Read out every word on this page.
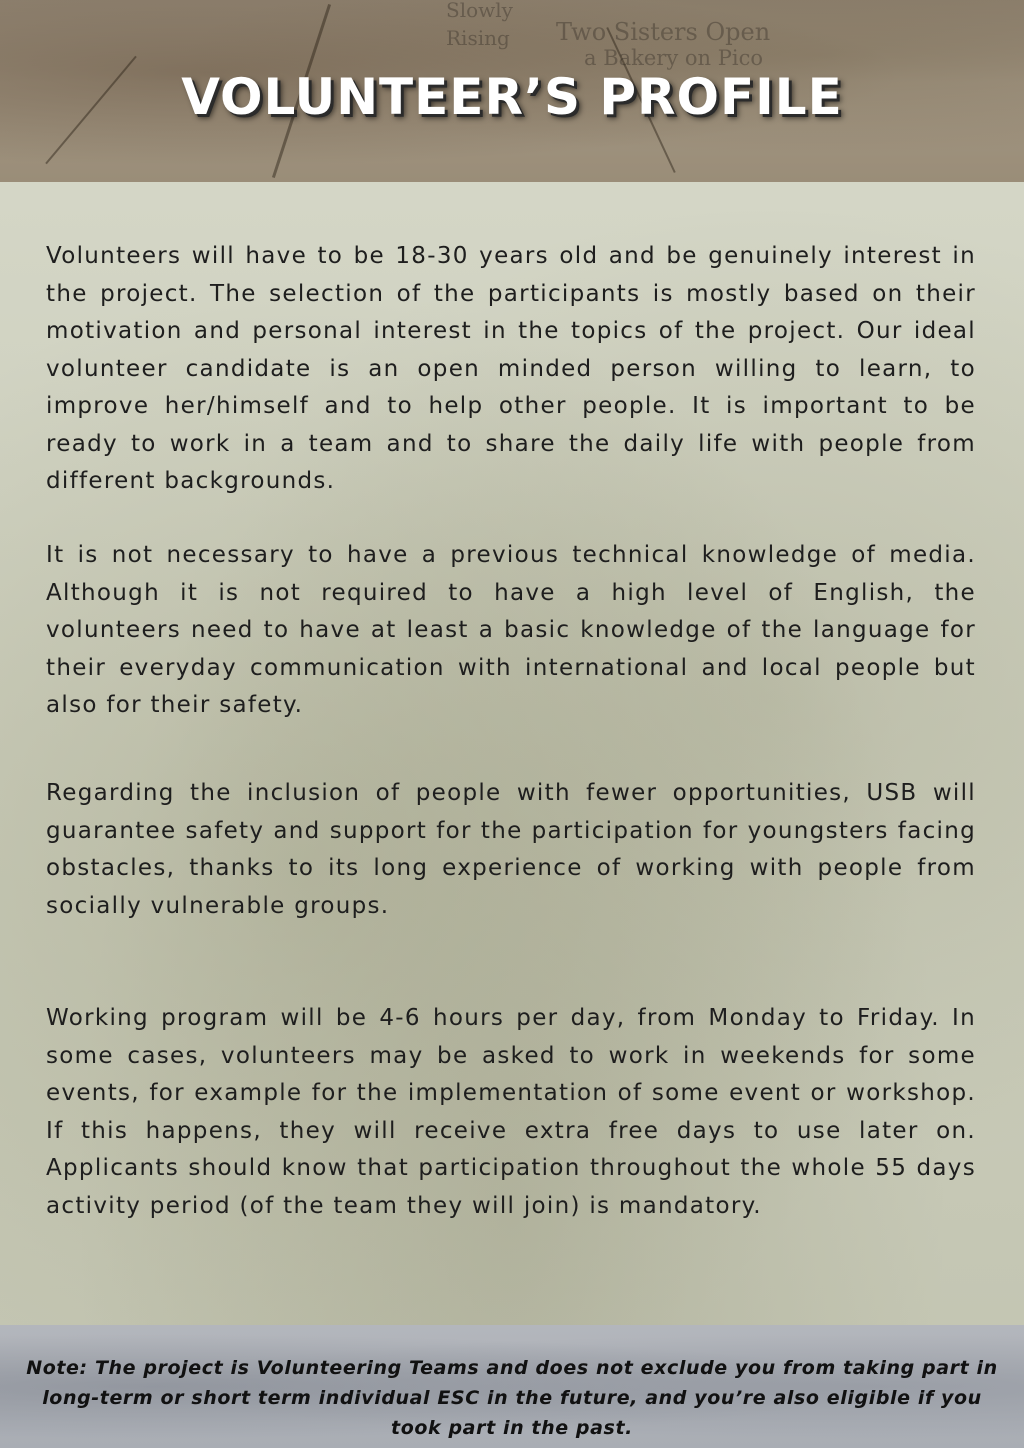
Two Sisters Open
a Bakery on Pico
Slowly
Rising
VOLUNTEER’S PROFILE

Volunteers will have to be 18-30 years old and be genuinely interest in the project. The selection of the participants is mostly based on their motivation and personal interest in the topics of the project. Our ideal volunteer candidate is an open minded person willing to learn, to improve her/himself and to help other people. It is important to be ready to work in a team and to share the daily life with people from different backgrounds.

It is not necessary to have a previous technical knowledge of media. Although it is not required to have a high level of English, the volunteers need to have at least a basic knowledge of the language for their everyday communication with international and local people but also for their safety.

Regarding the inclusion of people with fewer opportunities, USB will guarantee safety and support for the participation for youngsters facing obstacles, thanks to its long experience of working with people from socially vulnerable groups.

Working program will be 4-6 hours per day, from Monday to Friday. In some cases, volunteers may be asked to work in weekends for some events, for example for the implementation of some event or workshop. If this happens, they will receive extra free days to use later on. Applicants should know that participation throughout the whole 55 days activity period (of the team they will join) is mandatory.

Note: The project is Volunteering Teams and does not exclude you from taking part in long-term or short term individual ESC in the future, and you’re also eligible if you took part in the past.
